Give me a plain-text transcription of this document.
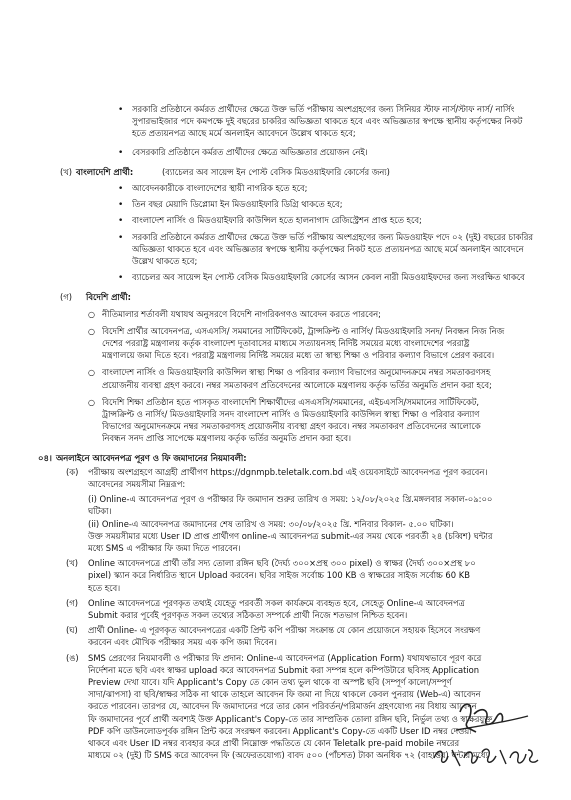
•
সরকারি প্রতিষ্ঠানে কর্মরত প্রার্থীদের ক্ষেত্রে উক্ত ভর্তি পরীক্ষায় অংশগ্রহণের জন্য সিনিয়র স্টাফ নার্স/স্টাফ নার্স/ নার্সিং
সুপারভাইজার পদে কমপক্ষে দুই বছরের চাকরির অভিজ্ঞতা থাকতে হবে এবং অভিজ্ঞতার স্বপক্ষে স্থানীয় কর্তৃপক্ষের নিকট
হতে প্রত্যয়নপত্র আছে মর্মে অনলাইন আবেদনে উল্লেখ থাকতে হবে;
•
বেসরকারি প্রতিষ্ঠানে কর্মরত প্রার্থীদের ক্ষেত্রে অভিজ্ঞতার প্রয়োজন নেই।
(খ) বাংলাদেশি প্রার্থী:	(ব্যাচেলর অব সায়েন্স ইন পোস্ট বেসিক মিডওয়াইফারি কোর্সের জন্য)
•
আবেদনকারীকে বাংলাদেশের স্থায়ী নাগরিক হতে হবে;
•
তিন বছর মেয়াদি ডিপ্লোমা ইন মিডওয়াইফারি ডিগ্রি থাকতে হবে;
•
বাংলাদেশ নার্সিং ও মিডওয়াইফারি কাউন্সিল হতে হালনাগাদ রেজিস্ট্রেশন প্রাপ্ত হতে হবে;
•
সরকারি প্রতিষ্ঠানে কর্মরত প্রার্থীদের ক্ষেত্রে উক্ত ভর্তি পরীক্ষায় অংশগ্রহণের জন্য মিডওয়াইফ পদে ০২ (দুই) বছরের চাকরির
অভিজ্ঞতা থাকতে হবে এবং অভিজ্ঞতার স্বপক্ষে স্থানীয় কর্তৃপক্ষের নিকট হতে প্রত্যয়নপত্র আছে মর্মে অনলাইন আবেদনে
উল্লেখ থাকতে হবে;
•
ব্যাচেলর অব সায়েন্স ইন পোস্ট বেসিক মিডওয়াইফারি কোর্সের আসন কেবল নারী মিডওয়াইফদের জন্য সংরক্ষিত থাকবে
(গ) বিদেশি প্রার্থী:
○
নীতিমালার শর্তাবলী যথাযথ অনুসরণে বিদেশি নাগরিকগণও আবেদন করতে পারবেন;
○
বিদেশি প্রার্থীর আবেদনপত্র, এসএসসি/ সমমানের সার্টিফিকেট, ট্রান্সক্রিপ্ট ও নার্সিং/ মিডওয়াইফারি সনদ/ নিবন্ধন নিজ নিজ
দেশের পররাষ্ট্র মন্ত্রণালয় কর্তৃক বাংলাদেশ দূতাবাসের মাধ্যমে সত্যায়নসহ নির্দিষ্ট সময়ের মধ্যে বাংলাদেশের পররাষ্ট্র
মন্ত্রণালয়ে জমা দিতে হবে। পররাষ্ট্র মন্ত্রণালয় নির্দিষ্ট সময়ের মধ্যে তা স্বাস্থ্য শিক্ষা ও পরিবার কল্যাণ বিভাগে প্রেরণ করবে।
○
বাংলাদেশ নার্সিং ও মিডওয়াইফারি কাউন্সিল স্বাস্থ্য শিক্ষা ও পরিবার কল্যাণ বিভাগের অনুমোদনক্রমে নম্বর সমতাকরণসহ
প্রয়োজনীয় ব্যবস্থা গ্রহণ করবে। নম্বর সমতাকরণ প্রতিবেদনের আলোকে মন্ত্রণালয় কর্তৃক ভর্তির অনুমতি প্রদান করা হবে;
○
বিদেশি শিক্ষা প্রতিষ্ঠান হতে পাসকৃত বাংলাদেশি শিক্ষার্থীদের এসএসসি/সমমানের, এইচএসসি/সমমানের সার্টিফিকেট,
ট্রান্সক্রিপ্ট ও নার্সিং/ মিডওয়াইফারি সনদ বাংলাদেশ নার্সিং ও মিডওয়াইফারি কাউন্সিল স্বাস্থ্য শিক্ষা ও পরিবার কল্যাণ
বিভাগের অনুমোদনক্রমে নম্বর সমতাকরণসহ প্রয়োজনীয় ব্যবস্থা গ্রহণ করবে। নম্বর সমতাকরণ প্রতিবেদনের আলোকে
নিবন্ধন সনদ প্রাপ্তি সাপেক্ষে মন্ত্রণালয় কর্তৃক ভর্তির অনুমতি প্রদান করা হবে।
০৪। অনলাইনে আবেদনপত্র পূরণ ও ফি জমাদানের নিয়মাবলী:
(ক) পরীক্ষায় অংশগ্রহণে আগ্রহী প্রার্থীগণ https://dgnmpb.teletalk.com.bd এই ওয়েবসাইটে আবেদনপত্র পূরণ করবেন।
আবেদনের সময়সীমা নিম্নরূপ:
(i) Online-এ আবেদনপত্র পূরণ ও পরীক্ষার ফি জমাদান শুরুর তারিখ ও সময়: ১২/০৮/২০২৫ খ্রি.মঙ্গলবার সকাল-০৯:০০
ঘটিকা।
(ii) Online-এ আবেদনপত্র জমাদানের শেষ তারিখ ও সময়: ৩০/০৮/২০২৫ খ্রি. শনিবার বিকাল- ৫.০০ ঘটিকা।
উক্ত সময়সীমার মধ্যে User ID প্রাপ্ত প্রার্থীগণ online-এ আবেদনপত্র submit-এর সময় থেকে পরবর্তী ২৪ (চব্বিশ) ঘন্টার
মধ্যে SMS এ পরীক্ষার ফি জমা দিতে পারবেন।
(খ) Online আবেদনপত্রে প্রার্থী তাঁর সদ্য তোলা রঙ্গিন ছবি (দৈর্ঘ্য ৩০০×প্রস্থ ৩০০ pixel) ও স্বাক্ষর (দৈর্ঘ্য ৩০০×প্রস্থ ৮০
pixel) স্ক্যান করে নির্ধারিত স্থানে Upload করবেন। ছবির সাইজ সর্বোচ্চ 100 KB ও স্বাক্ষরের সাইজ সর্বোচ্চ 60 KB
হতে হবে।
(গ) Online আবেদনপত্রে পূরণকৃত তথ্যই যেহেতু পরবর্তী সকল কার্যক্রমে ব্যবহৃত হবে, সেহেতু Online-এ আবেদনপত্র
Submit করার পূর্বেই পূরণকৃত সকল তথ্যের সঠিকতা সম্পর্কে প্রার্থী নিজে শতভাগ নিশ্চিত হবেন।
(ঘ) প্রার্থী Online- এ পূরণকৃত আবেদনপত্রের একটি প্রিন্ট কপি পরীক্ষা সংক্রান্ত যে কোন প্রয়োজনে সহায়ক হিসেবে সংরক্ষণ
করবেন এবং মৌখিক পরীক্ষার সময় এক কপি জমা দিবেন।
(ঙ) SMS প্রেরণের নিয়মাবলী ও পরীক্ষার ফি প্রদান: Online-এ আবেদনপত্র (Application Form) যথাযথভাবে পূরণ করে
নির্দেশনা মতে ছবি এবং স্বাক্ষর upload করে আবেদনপত্র Submit করা সম্পন্ন হলে কম্পিউটারে ছবিসহ Application
Preview দেখা যাবে। যদি Applicant's Copy তে কোন তথ্য ভুল থাকে বা অস্পষ্ট ছবি (সম্পূর্ণ কালো/সম্পূর্ণ
সাদা/ঝাপসা) বা ছবি/স্বাক্ষর সঠিক না থাকে তাহলে আবেদন ফি জমা না দিয়ে থাকলে কেবল পুনরায় (Web-এ) আবেদন
করতে পারবেন। তারপর যে, আবেদন ফি জমাদানের পরে তার কোন পরিবর্তন/পরিমার্জন গ্রহণযোগ্য নয় বিধায় আবেদন
ফি জমাদানের পূর্বে প্রার্থী অবশ্যই উক্ত Applicant's Copy-তে তার সাম্প্রতিক তোলা রঙ্গিন ছবি, নির্ভুল তথ্য ও স্বাক্ষরযুক্ত
PDF কপি ডাউনলোডপূর্বক রঙ্গিন প্রিন্ট করে সংরক্ষণ করবেন। Applicant's Copy-তে একটি User ID নম্বর দেওয়া
থাকবে এবং User ID নম্বর ব্যবহার করে প্রার্থী নিম্নোক্ত পদ্ধতিতে যে কোন Teletalk pre-paid mobile নম্বরের
মাধ্যমে ০২ (দুই) টি SMS করে আবেদন ফি (অফেরতযোগ্য) বাবদ ৫০০ (পাঁচশত) টাকা অনধিক ৭২ (বাহাত্তর) ঘন্টার মধ্যে
